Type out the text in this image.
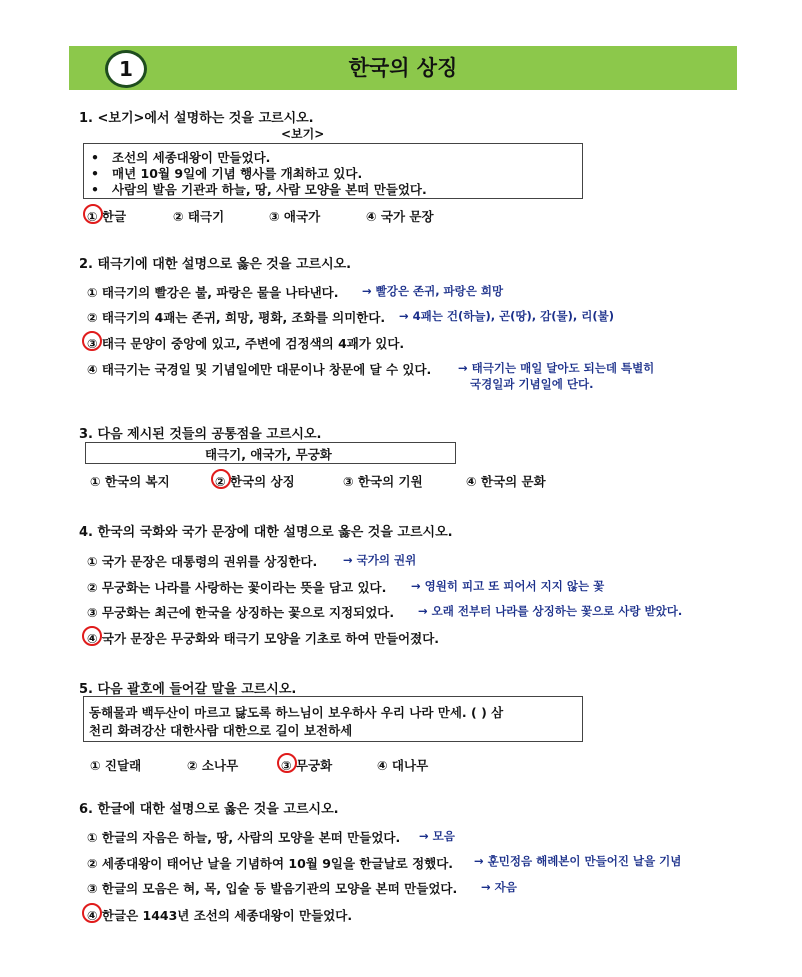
1	한국의 상징
1. <보기>에서 설명하는 것을 고르시오.
<보기>
•   조선의 세종대왕이 만들었다.
•   매년 10월 9일에 기념 행사를 개최하고 있다.
•   사람의 발음 기관과 하늘, 땅, 사람 모양을 본떠 만들었다.
① 한글	② 태극기	③ 애국가	④ 국가 문장
2. 태극기에 대한 설명으로 옳은 것을 고르시오.
① 태극기의 빨강은 불, 파랑은 물을 나타낸다. → 빨강은 존귀, 파랑은 희망
② 태극기의 4괘는 존귀, 희망, 평화, 조화를 의미한다. → 4괘는 건(하늘), 곤(땅), 감(물), 리(불)
③ 태극 문양이 중앙에 있고, 주변에 검정색의 4괘가 있다.
④ 태극기는 국경일 및 기념일에만 대문이나 창문에 달 수 있다. → 태극기는 매일 달아도 되는데 특별히
국경일과 기념일에 단다.
3. 다음 제시된 것들의 공통점을 고르시오.
태극기, 애국가, 무궁화
① 한국의 복지	② 한국의 상징	③ 한국의 기원	④ 한국의 문화
4. 한국의 국화와 국가 문장에 대한 설명으로 옳은 것을 고르시오.
① 국가 문장은 대통령의 권위를 상징한다. → 국가의 권위
② 무궁화는 나라를 사랑하는 꽃이라는 뜻을 담고 있다. → 영원히 피고 또 피어서 지지 않는 꽃
③ 무궁화는 최근에 한국을 상징하는 꽃으로 지정되었다. → 오래 전부터 나라를 상징하는 꽃으로 사랑 받았다.
④ 국가 문장은 무궁화와 태극기 모양을 기초로 하여 만들어졌다.
5. 다음 괄호에 들어갈 말을 고르시오.
동해물과 백두산이 마르고 닳도록 하느님이 보우하사 우리 나라 만세. ( ) 삼
천리 화려강산 대한사람 대한으로 길이 보전하세
① 진달래	② 소나무	③ 무궁화	④ 대나무
6. 한글에 대한 설명으로 옳은 것을 고르시오.
① 한글의 자음은 하늘, 땅, 사람의 모양을 본떠 만들었다. → 모음
② 세종대왕이 태어난 날을 기념하여 10월 9일을 한글날로 정했다. → 훈민정음 해례본이 만들어진 날을 기념
③ 한글의 모음은 혀, 목, 입술 등 발음기관의 모양을 본떠 만들었다. → 자음
④ 한글은 1443년 조선의 세종대왕이 만들었다.
